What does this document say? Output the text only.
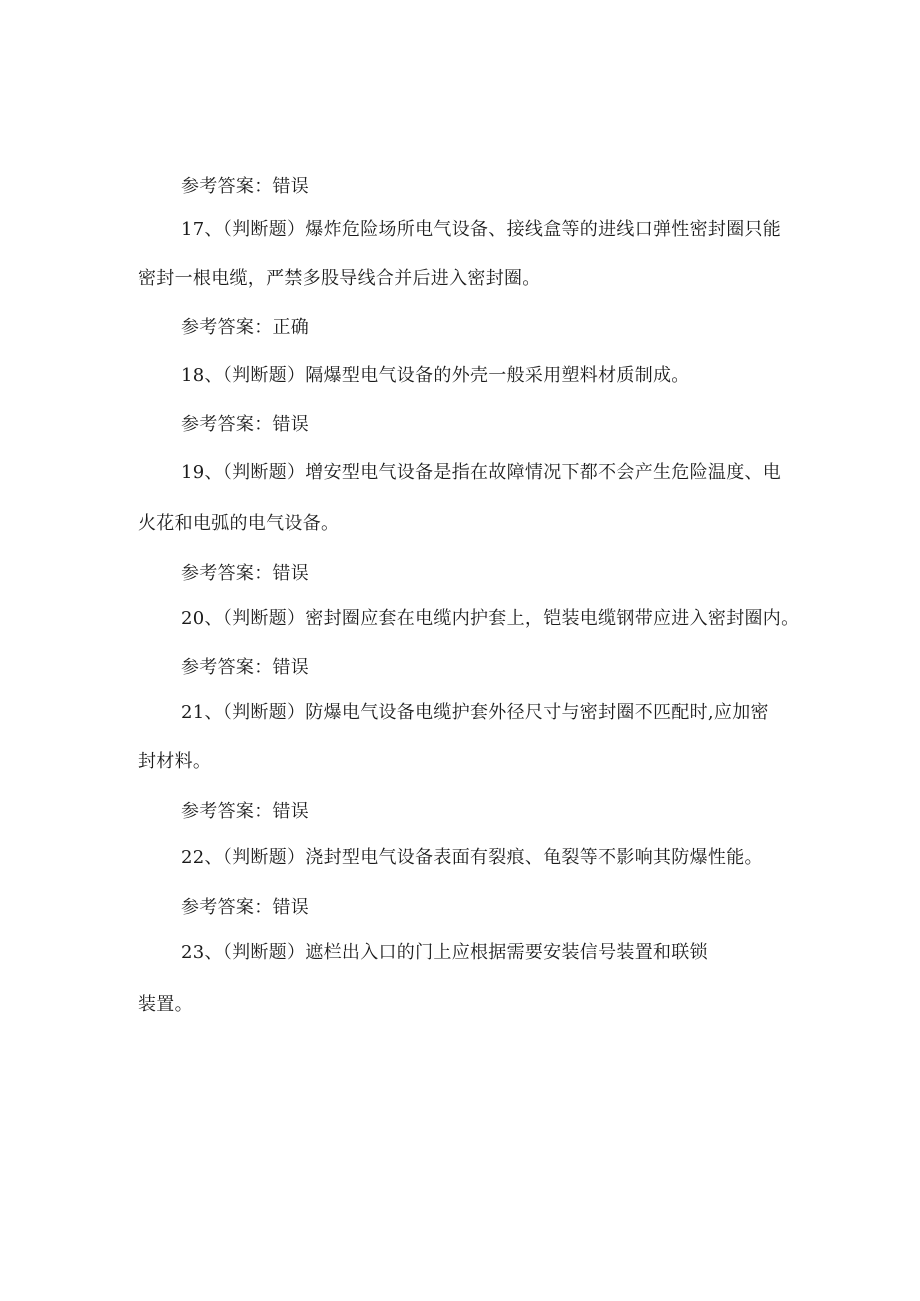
参考答案：错误
17、（判断题）爆炸危险场所电气设备、接线盒等的进线口弹性密封圈只能
密封一根电缆，严禁多股导线合并后进入密封圈。
参考答案：正确
18、（判断题）隔爆型电气设备的外壳一般采用塑料材质制成。
参考答案：错误
19、（判断题）增安型电气设备是指在故障情况下都不会产生危险温度、电
火花和电弧的电气设备。
参考答案：错误
20、（判断题）密封圈应套在电缆内护套上，铠装电缆钢带应进入密封圈内。
参考答案：错误
21、（判断题）防爆电气设备电缆护套外径尺寸与密封圈不匹配时,应加密
封材料。
参考答案：错误
22、（判断题）浇封型电气设备表面有裂痕、龟裂等不影响其防爆性能。
参考答案：错误
23、（判断题）遮栏出入口的门上应根据需要安装信号装置和联锁
装置。
